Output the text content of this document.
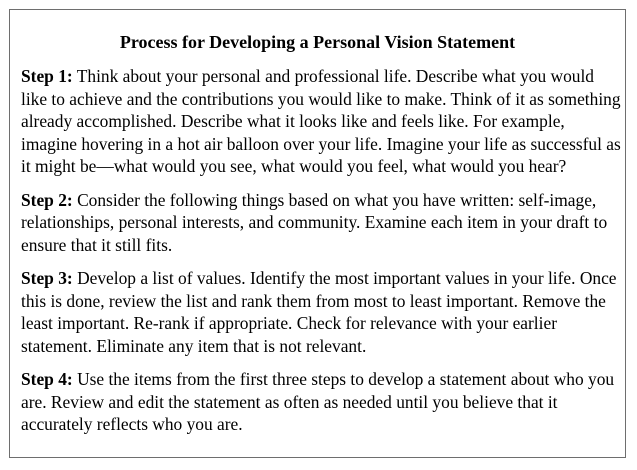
Process for Developing a Personal Vision Statement

Step 1: Think about your personal and professional life. Describe what you would like to achieve and the contributions you would like to make. Think of it as something already accomplished. Describe what it looks like and feels like. For example, imagine hovering in a hot air balloon over your life. Imagine your life as successful as it might be—what would you see, what would you feel, what would you hear?

Step 2: Consider the following things based on what you have written: self-image, relationships, personal interests, and community. Examine each item in your draft to ensure that it still fits.

Step 3: Develop a list of values. Identify the most important values in your life. Once this is done, review the list and rank them from most to least important. Remove the least important. Re-rank if appropriate. Check for relevance with your earlier statement. Eliminate any item that is not relevant.

Step 4: Use the items from the first three steps to develop a statement about who you are. Review and edit the statement as often as needed until you believe that it accurately reflects who you are.
